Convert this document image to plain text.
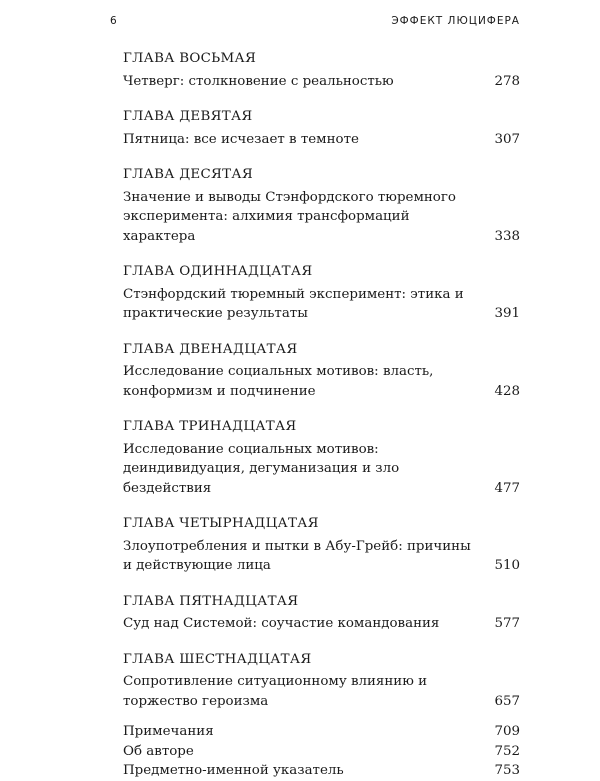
6	ЭФФЕКТ ЛЮЦИФЕРА
ГЛАВА ВОСЬМАЯ
Четверг: столкновение с реальностью	278
ГЛАВА ДЕВЯТАЯ
Пятница: все исчезает в темноте	307
ГЛАВА ДЕСЯТАЯ
Значение и выводы Стэнфордского тюремного эксперимента: алхимия трансформаций характера	338
ГЛАВА ОДИННАДЦАТАЯ
Стэнфордский тюремный эксперимент: этика и практические результаты	391
ГЛАВА ДВЕНАДЦАТАЯ
Исследование социальных мотивов: власть, конформизм и подчинение	428
ГЛАВА ТРИНАДЦАТАЯ
Исследование социальных мотивов: деиндивидуация, дегуманизация и зло бездействия	477
ГЛАВА ЧЕТЫРНАДЦАТАЯ
Злоупотребления и пытки в Абу-Грейб: причины и действующие лица	510
ГЛАВА ПЯТНАДЦАТАЯ
Суд над Системой: соучастие командования	577
ГЛАВА ШЕСТНАДЦАТАЯ
Сопротивление ситуационному влиянию и торжество героизма	657
Примечания	709
Об авторе	752
Предметно-именной указатель	753
